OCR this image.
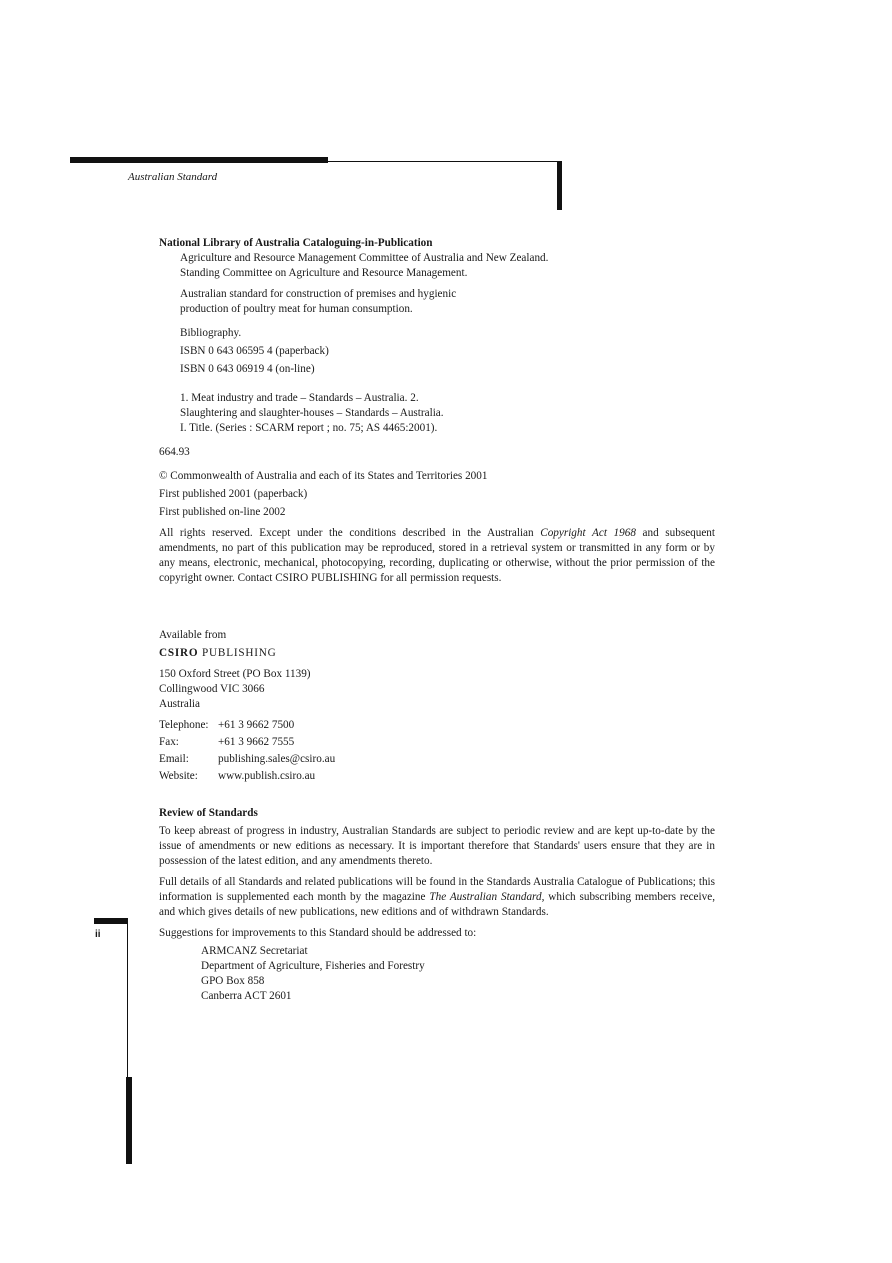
Australian Standard

National Library of Australia Cataloguing-in-Publication

Agriculture and Resource Management Committee of Australia and New Zealand.

Standing Committee on Agriculture and Resource Management.

Australian standard for construction of premises and hygienic

production of poultry meat for human consumption.

Bibliography.

ISBN 0 643 06595 4 (paperback)

ISBN 0 643 06919 4 (on-line)

1. Meat industry and trade – Standards – Australia. 2.

Slaughtering and slaughter-houses – Standards – Australia.

I. Title. (Series : SCARM report ; no. 75; AS 4465:2001).

664.93

© Commonwealth of Australia and each of its States and Territories 2001

First published 2001 (paperback)

First published on-line 2002

All rights reserved. Except under the conditions described in the Australian Copyright Act 1968 and subsequent amendments, no part of this publication may be reproduced, stored in a retrieval system or transmitted in any form or by any means, electronic, mechanical, photocopying, recording, duplicating or otherwise, without the prior permission of the copyright owner. Contact CSIRO PUBLISHING for all permission requests.

Available from

CSIRO PUBLISHING

150 Oxford Street (PO Box 1139)

Collingwood VIC 3066

Australia

Telephone: +61 3 9662 7500
Fax:	+61 3 9662 7555
Email:	publishing.sales@csiro.au
Website:	www.publish.csiro.au

Review of Standards

To keep abreast of progress in industry, Australian Standards are subject to periodic review and are kept up-to-date by the issue of amendments or new editions as necessary. It is important therefore that Standards' users ensure that they are in possession of the latest edition, and any amendments thereto.

Full details of all Standards and related publications will be found in the Standards Australia Catalogue of Publications; this information is supplemented each month by the magazine The Australian Standard, which subscribing members receive, and which gives details of new publications, new editions and of withdrawn Standards.

Suggestions for improvements to this Standard should be addressed to:

ARMCANZ Secretariat

Department of Agriculture, Fisheries and Forestry

GPO Box 858

Canberra ACT 2601

ii
